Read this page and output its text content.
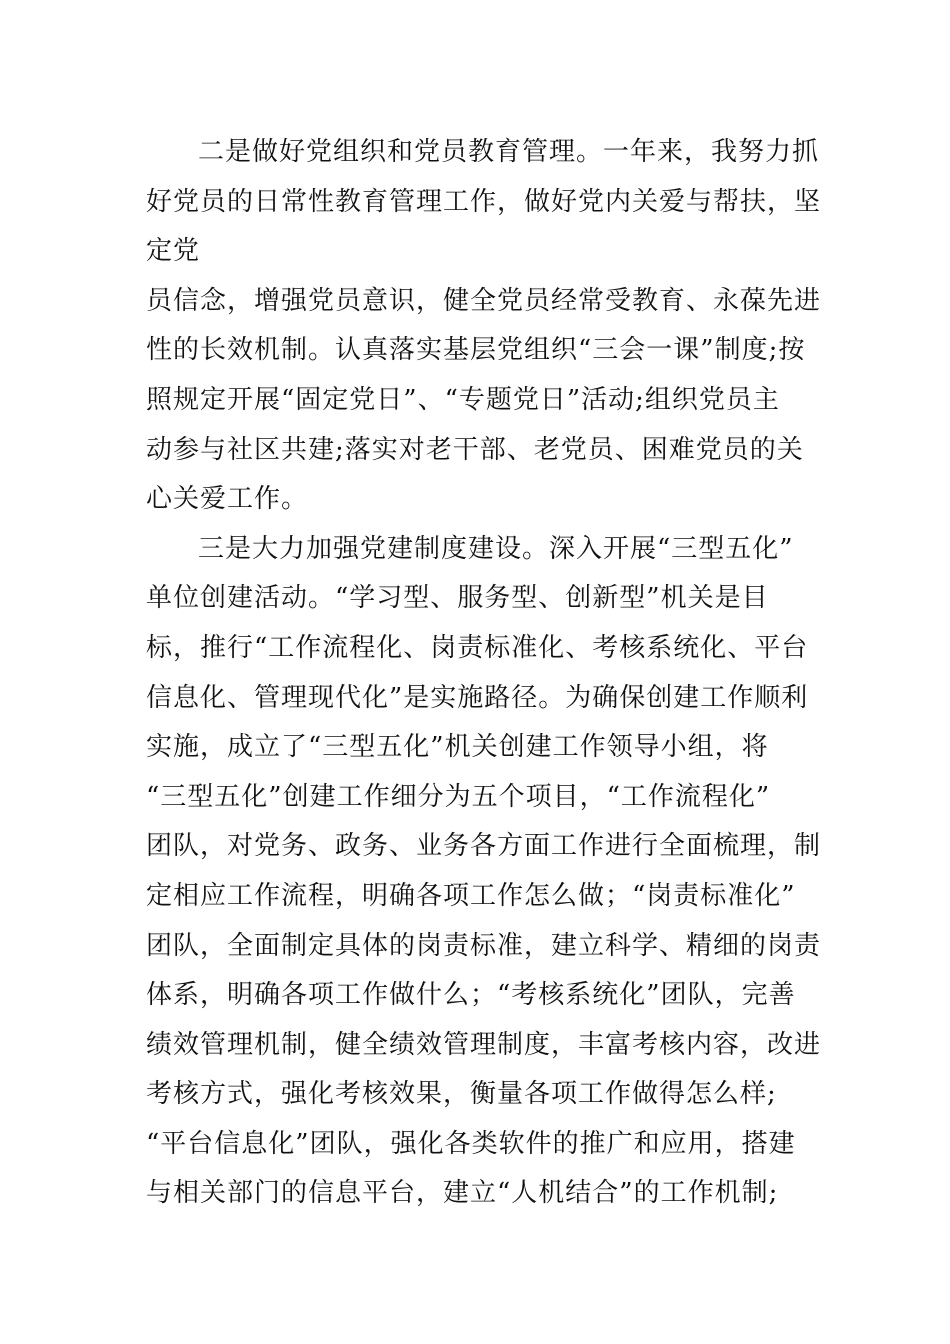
二是做好党组织和党员教育管理。一年来，我努力抓
好党员的日常性教育管理工作，做好党内关爱与帮扶，坚
定党
员信念，增强党员意识，健全党员经常受教育、永葆先进
性的长效机制。认真落实基层党组织“三会一课”制度;按
照规定开展“固定党日”、“专题党日”活动;组织党员主
动参与社区共建;落实对老干部、老党员、困难党员的关
心关爱工作。
三是大力加强党建制度建设。深入开展“三型五化”
单位创建活动。“学习型、服务型、创新型”机关是目
标，推行“工作流程化、岗责标准化、考核系统化、平台
信息化、管理现代化”是实施路径。为确保创建工作顺利
实施，成立了“三型五化”机关创建工作领导小组，将
“三型五化”创建工作细分为五个项目，“工作流程化”
团队，对党务、政务、业务各方面工作进行全面梳理，制
定相应工作流程，明确各项工作怎么做；“岗责标准化”
团队，全面制定具体的岗责标准，建立科学、精细的岗责
体系，明确各项工作做什么；“考核系统化”团队，完善
绩效管理机制，健全绩效管理制度，丰富考核内容，改进
考核方式，强化考核效果，衡量各项工作做得怎么样;
“平台信息化”团队，强化各类软件的推广和应用，搭建
与相关部门的信息平台，建立“人机结合”的工作机制;
